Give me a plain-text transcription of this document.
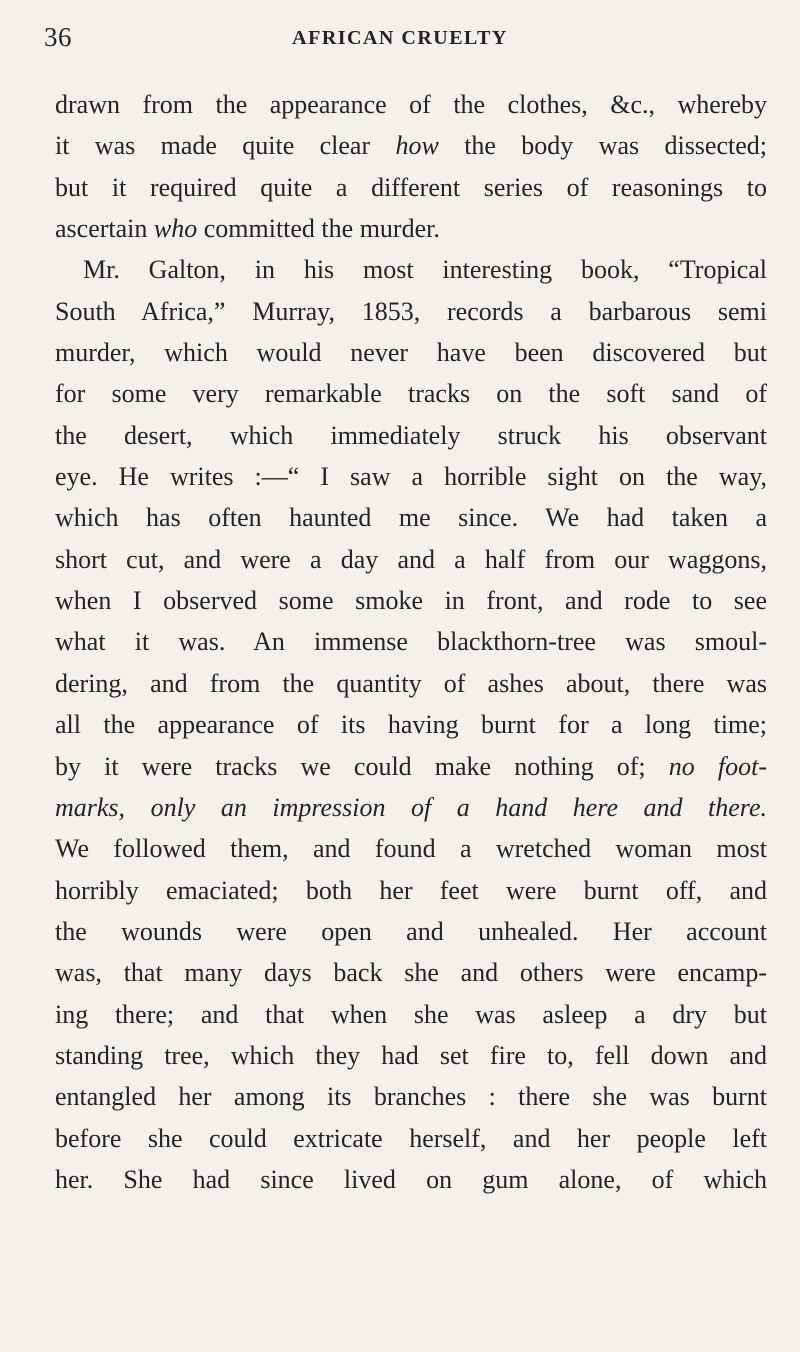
36	AFRICAN CRUELTY
drawn from the appearance of the clothes, &c., whereby
it was made quite clear how the body was dissected;
but it required quite a different series of reasonings to
ascertain who committed the murder.
Mr. Galton, in his most interesting book, “Tropical
South Africa,” Murray, 1853, records a barbarous semi
murder, which would never have been discovered but
for some very remarkable tracks on the soft sand of
the desert, which immediately struck his observant
eye. He writes :—“ I saw a horrible sight on the way,
which has often haunted me since. We had taken a
short cut, and were a day and a half from our waggons,
when I observed some smoke in front, and rode to see
what it was. An immense blackthorn-tree was smoul-
dering, and from the quantity of ashes about, there was
all the appearance of its having burnt for a long time;
by it were tracks we could make nothing of; no foot-
marks, only an impression of a hand here and there.
We followed them, and found a wretched woman most
horribly emaciated; both her feet were burnt off, and
the wounds were open and unhealed. Her account
was, that many days back she and others were encamp-
ing there; and that when she was asleep a dry but
standing tree, which they had set fire to, fell down and
entangled her among its branches : there she was burnt
before she could extricate herself, and her people left
her. She had since lived on gum alone, of which
